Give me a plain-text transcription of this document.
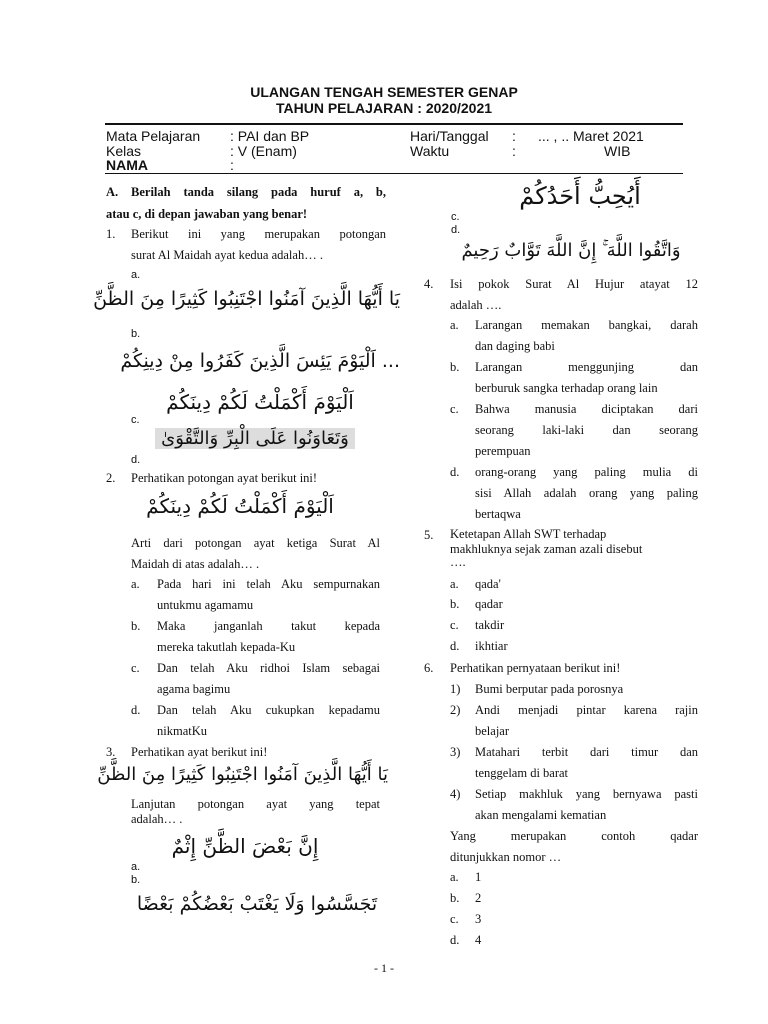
ULANGAN TENGAH SEMESTER GENAP
TAHUN PELAJARAN : 2020/2021
Mata Pelajaran : PAI dan BP	Hari/Tanggal : ... , .. Maret 2021
Kelas	: V (Enam)	Waktu	:	WIB
NAMA	:
A. Berilah tanda silang pada huruf a, b,
atau c, di depan jawaban yang benar!
1. Berikut ini yang merupakan potongan
surat Al Maidah ayat kedua adalah… .
a.
يَا أَيُّهَا الَّذِينَ آمَنُوا اجْتَنِبُوا كَثِيرًا مِنَ الظَّنِّ
b.
... اَلْيَوْمَ يَئِسَ الَّذِينَ كَفَرُوا مِنْ دِينِكُمْ
اَلْيَوْمَ أَكْمَلْتُ لَكُمْ دِينَكُمْ
c.
وَتَعَاوَنُوا عَلَى الْبِرِّ وَالتَّقْوَىٰ
d.
2. Perhatikan potongan ayat berikut ini!
اَلْيَوْمَ أَكْمَلْتُ لَكُمْ دِينَكُمْ
Arti dari potongan ayat ketiga Surat Al
Maidah di atas adalah… .
a. Pada hari ini telah Aku sempurnakan
untukmu agamamu
b. Maka janganlah takut kepada
mereka takutlah kepada-Ku
c. Dan telah Aku ridhoi Islam sebagai
agama bagimu
d. Dan telah Aku cukupkan kepadamu
nikmatKu
3. Perhatikan ayat berikut ini!
يَا أَيُّهَا الَّذِينَ آمَنُوا اجْتَنِبُوا كَثِيرًا مِنَ الظَّنِّ
Lanjutan potongan ayat yang tepat
adalah… .
إِنَّ بَعْضَ الظَّنِّ إِثْمٌ
a.
b.
تَجَسَّسُوا وَلَا يَغْتَبْ بَعْضُكُمْ بَعْضًا
أَيُحِبُّ أَحَدُكُمْ
c.
d.
وَاتَّقُوا اللَّهَ ۚ إِنَّ اللَّهَ تَوَّابٌ رَحِيمٌ
4. Isi pokok Surat Al Hujur atayat 12
adalah ….
a. Larangan memakan bangkai, darah
dan daging babi
b. Larangan menggunjing dan
berburuk sangka terhadap orang lain
c. Bahwa manusia diciptakan dari
seorang laki-laki dan seorang
perempuan
d. orang-orang yang paling mulia di
sisi Allah adalah orang yang paling
bertaqwa
5. Ketetapan Allah SWT terhadap
makhluknya sejak zaman azali disebut
….
a. qada'
b. qadar
c. takdir
d. ikhtiar
6. Perhatikan pernyataan berikut ini!
1) Bumi berputar pada porosnya
2) Andi menjadi pintar karena rajin
belajar
3) Matahari terbit dari timur dan
tenggelam di barat
4) Setiap makhluk yang bernyawa pasti
akan mengalami kematian
Yang merupakan contoh qadar
ditunjukkan nomor …
a. 1
b. 2
c. 3
d. 4
- 1 -
